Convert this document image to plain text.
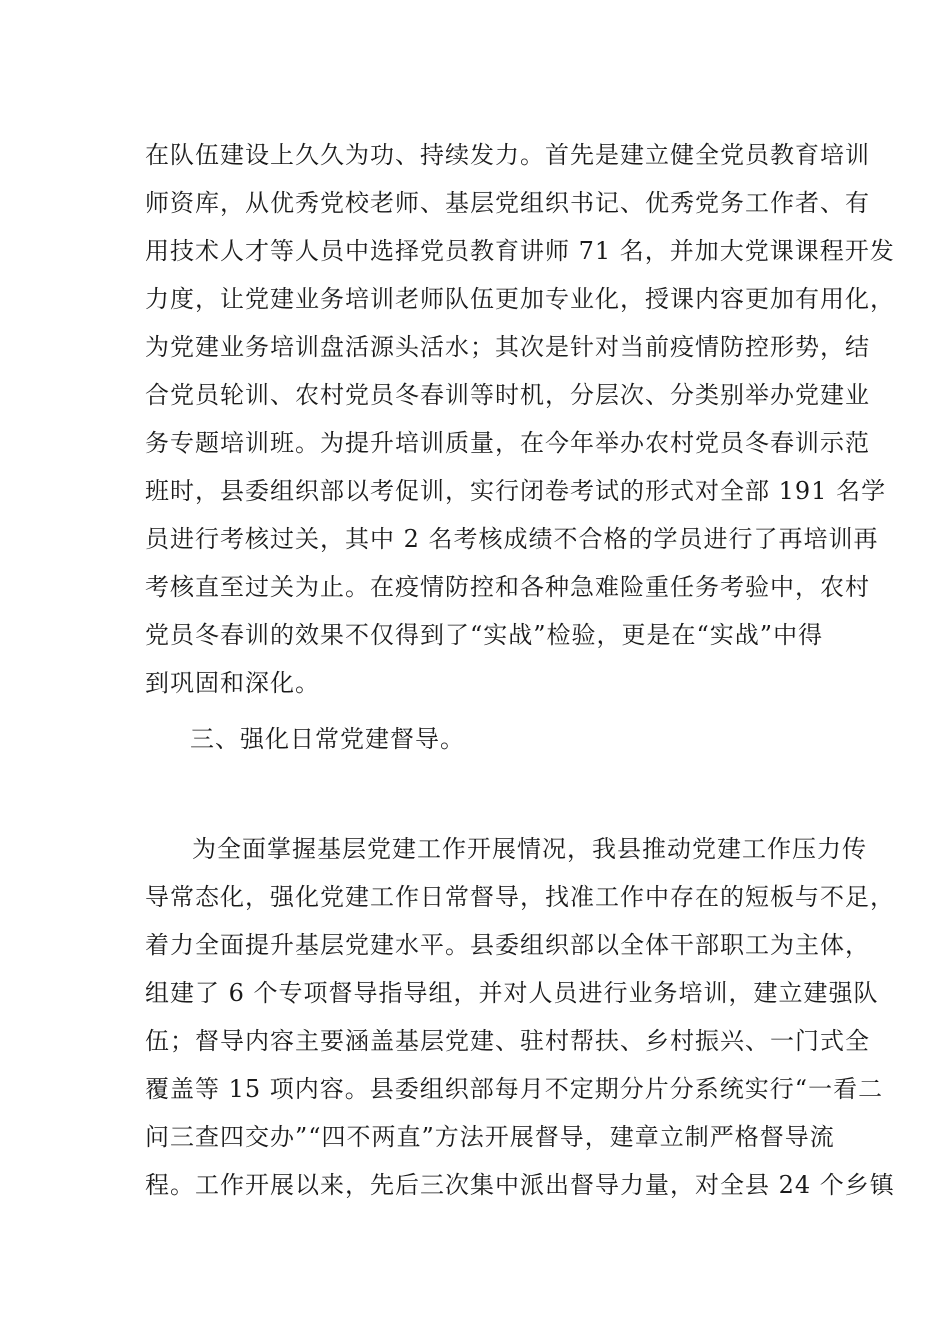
在队伍建设上久久为功、持续发力。首先是建立健全党员教育培训
师资库，从优秀党校老师、基层党组织书记、优秀党务工作者、有
用技术人才等人员中选择党员教育讲师 71 名，并加大党课课程开发
力度，让党建业务培训老师队伍更加专业化，授课内容更加有用化，
为党建业务培训盘活源头活水；其次是针对当前疫情防控形势，结
合党员轮训、农村党员冬春训等时机，分层次、分类别举办党建业
务专题培训班。为提升培训质量，在今年举办农村党员冬春训示范
班时，县委组织部以考促训，实行闭卷考试的形式对全部 191 名学
员进行考核过关，其中 2 名考核成绩不合格的学员进行了再培训再
考核直至过关为止。在疫情防控和各种急难险重任务考验中，农村
党员冬春训的效果不仅得到了“实战”检验，更是在“实战”中得
到巩固和深化。
三、强化日常党建督导。
为全面掌握基层党建工作开展情况，我县推动党建工作压力传
导常态化，强化党建工作日常督导，找准工作中存在的短板与不足，
着力全面提升基层党建水平。县委组织部以全体干部职工为主体，
组建了 6 个专项督导指导组，并对人员进行业务培训，建立建强队
伍；督导内容主要涵盖基层党建、驻村帮扶、乡村振兴、一门式全
覆盖等 15 项内容。县委组织部每月不定期分片分系统实行“一看二
问三查四交办”“四不两直”方法开展督导，建章立制严格督导流
程。工作开展以来，先后三次集中派出督导力量，对全县 24 个乡镇
